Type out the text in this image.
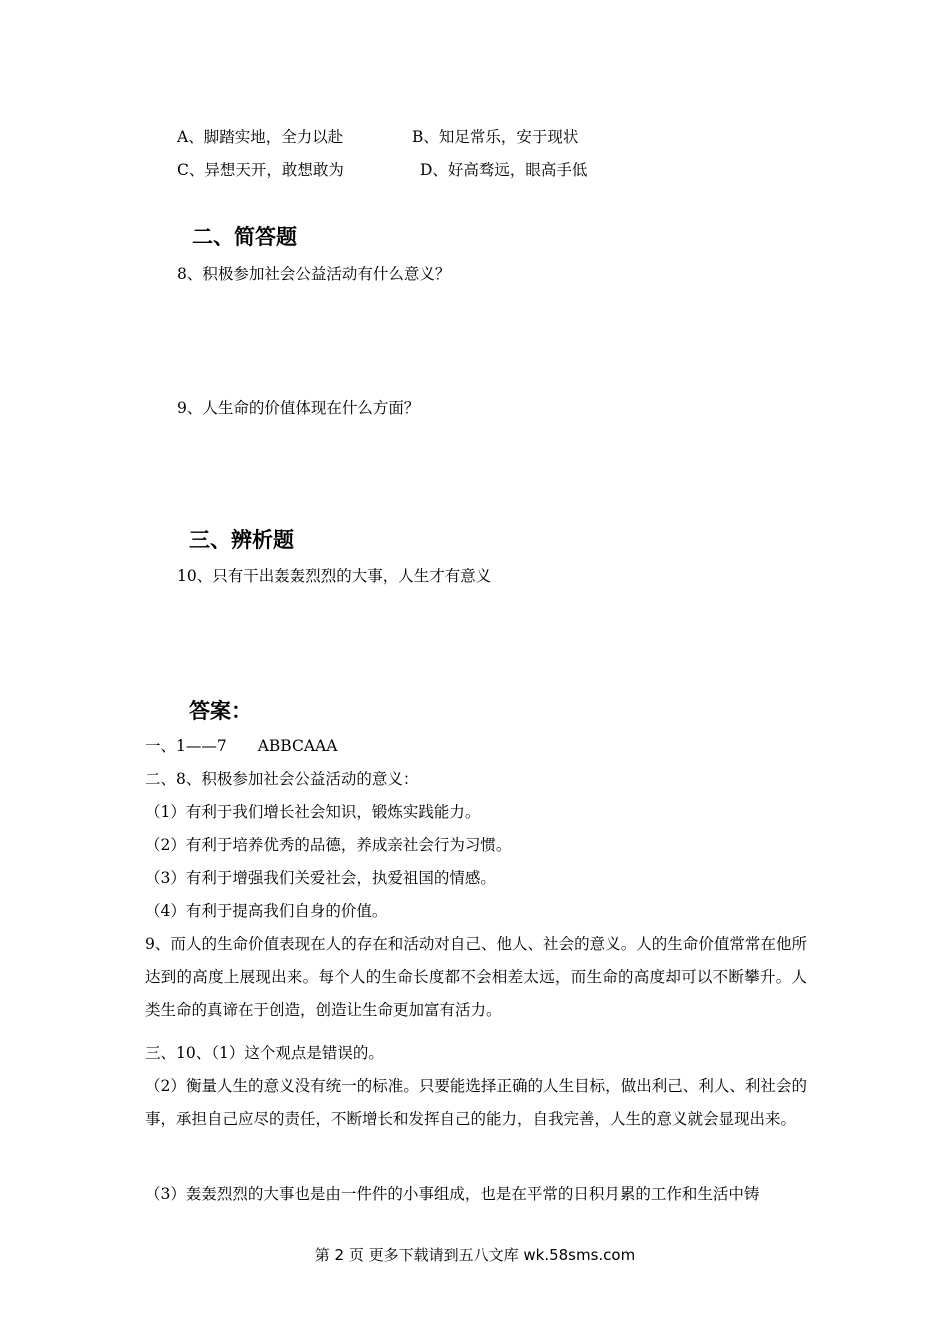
A、脚踏实地，全力以赴	B、知足常乐，安于现状
C、异想天开，敢想敢为	D、好高骛远，眼高手低
二、简答题
8、积极参加社会公益活动有什么意义？
9、人生命的价值体现在什么方面？
三、辨析题
10、只有干出轰轰烈烈的大事，人生才有意义
答案：
一、1——7　　ABBCAAA
二、8、积极参加社会公益活动的意义：
（1）有利于我们增长社会知识，锻炼实践能力。
（2）有利于培养优秀的品德，养成亲社会行为习惯。
（3）有利于增强我们关爱社会，执爱祖国的情感。
（4）有利于提高我们自身的价值。
9、而人的生命价值表现在人的存在和活动对自己、他人、社会的意义。人的生命价值常常在他所达到的高度上展现出来。每个人的生命长度都不会相差太远，而生命的高度却可以不断攀升。人类生命的真谛在于创造，创造让生命更加富有活力。
三、10、（1）这个观点是错误的。
（2）衡量人生的意义没有统一的标准。只要能选择正确的人生目标，做出利己、利人、利社会的事，承担自己应尽的责任，不断增长和发挥自己的能力，自我完善，人生的意义就会显现出来。
（3）轰轰烈烈的大事也是由一件件的小事组成，也是在平常的日积月累的工作和生活中铸
第 2 页 更多下载请到五八文库 wk.58sms.com
